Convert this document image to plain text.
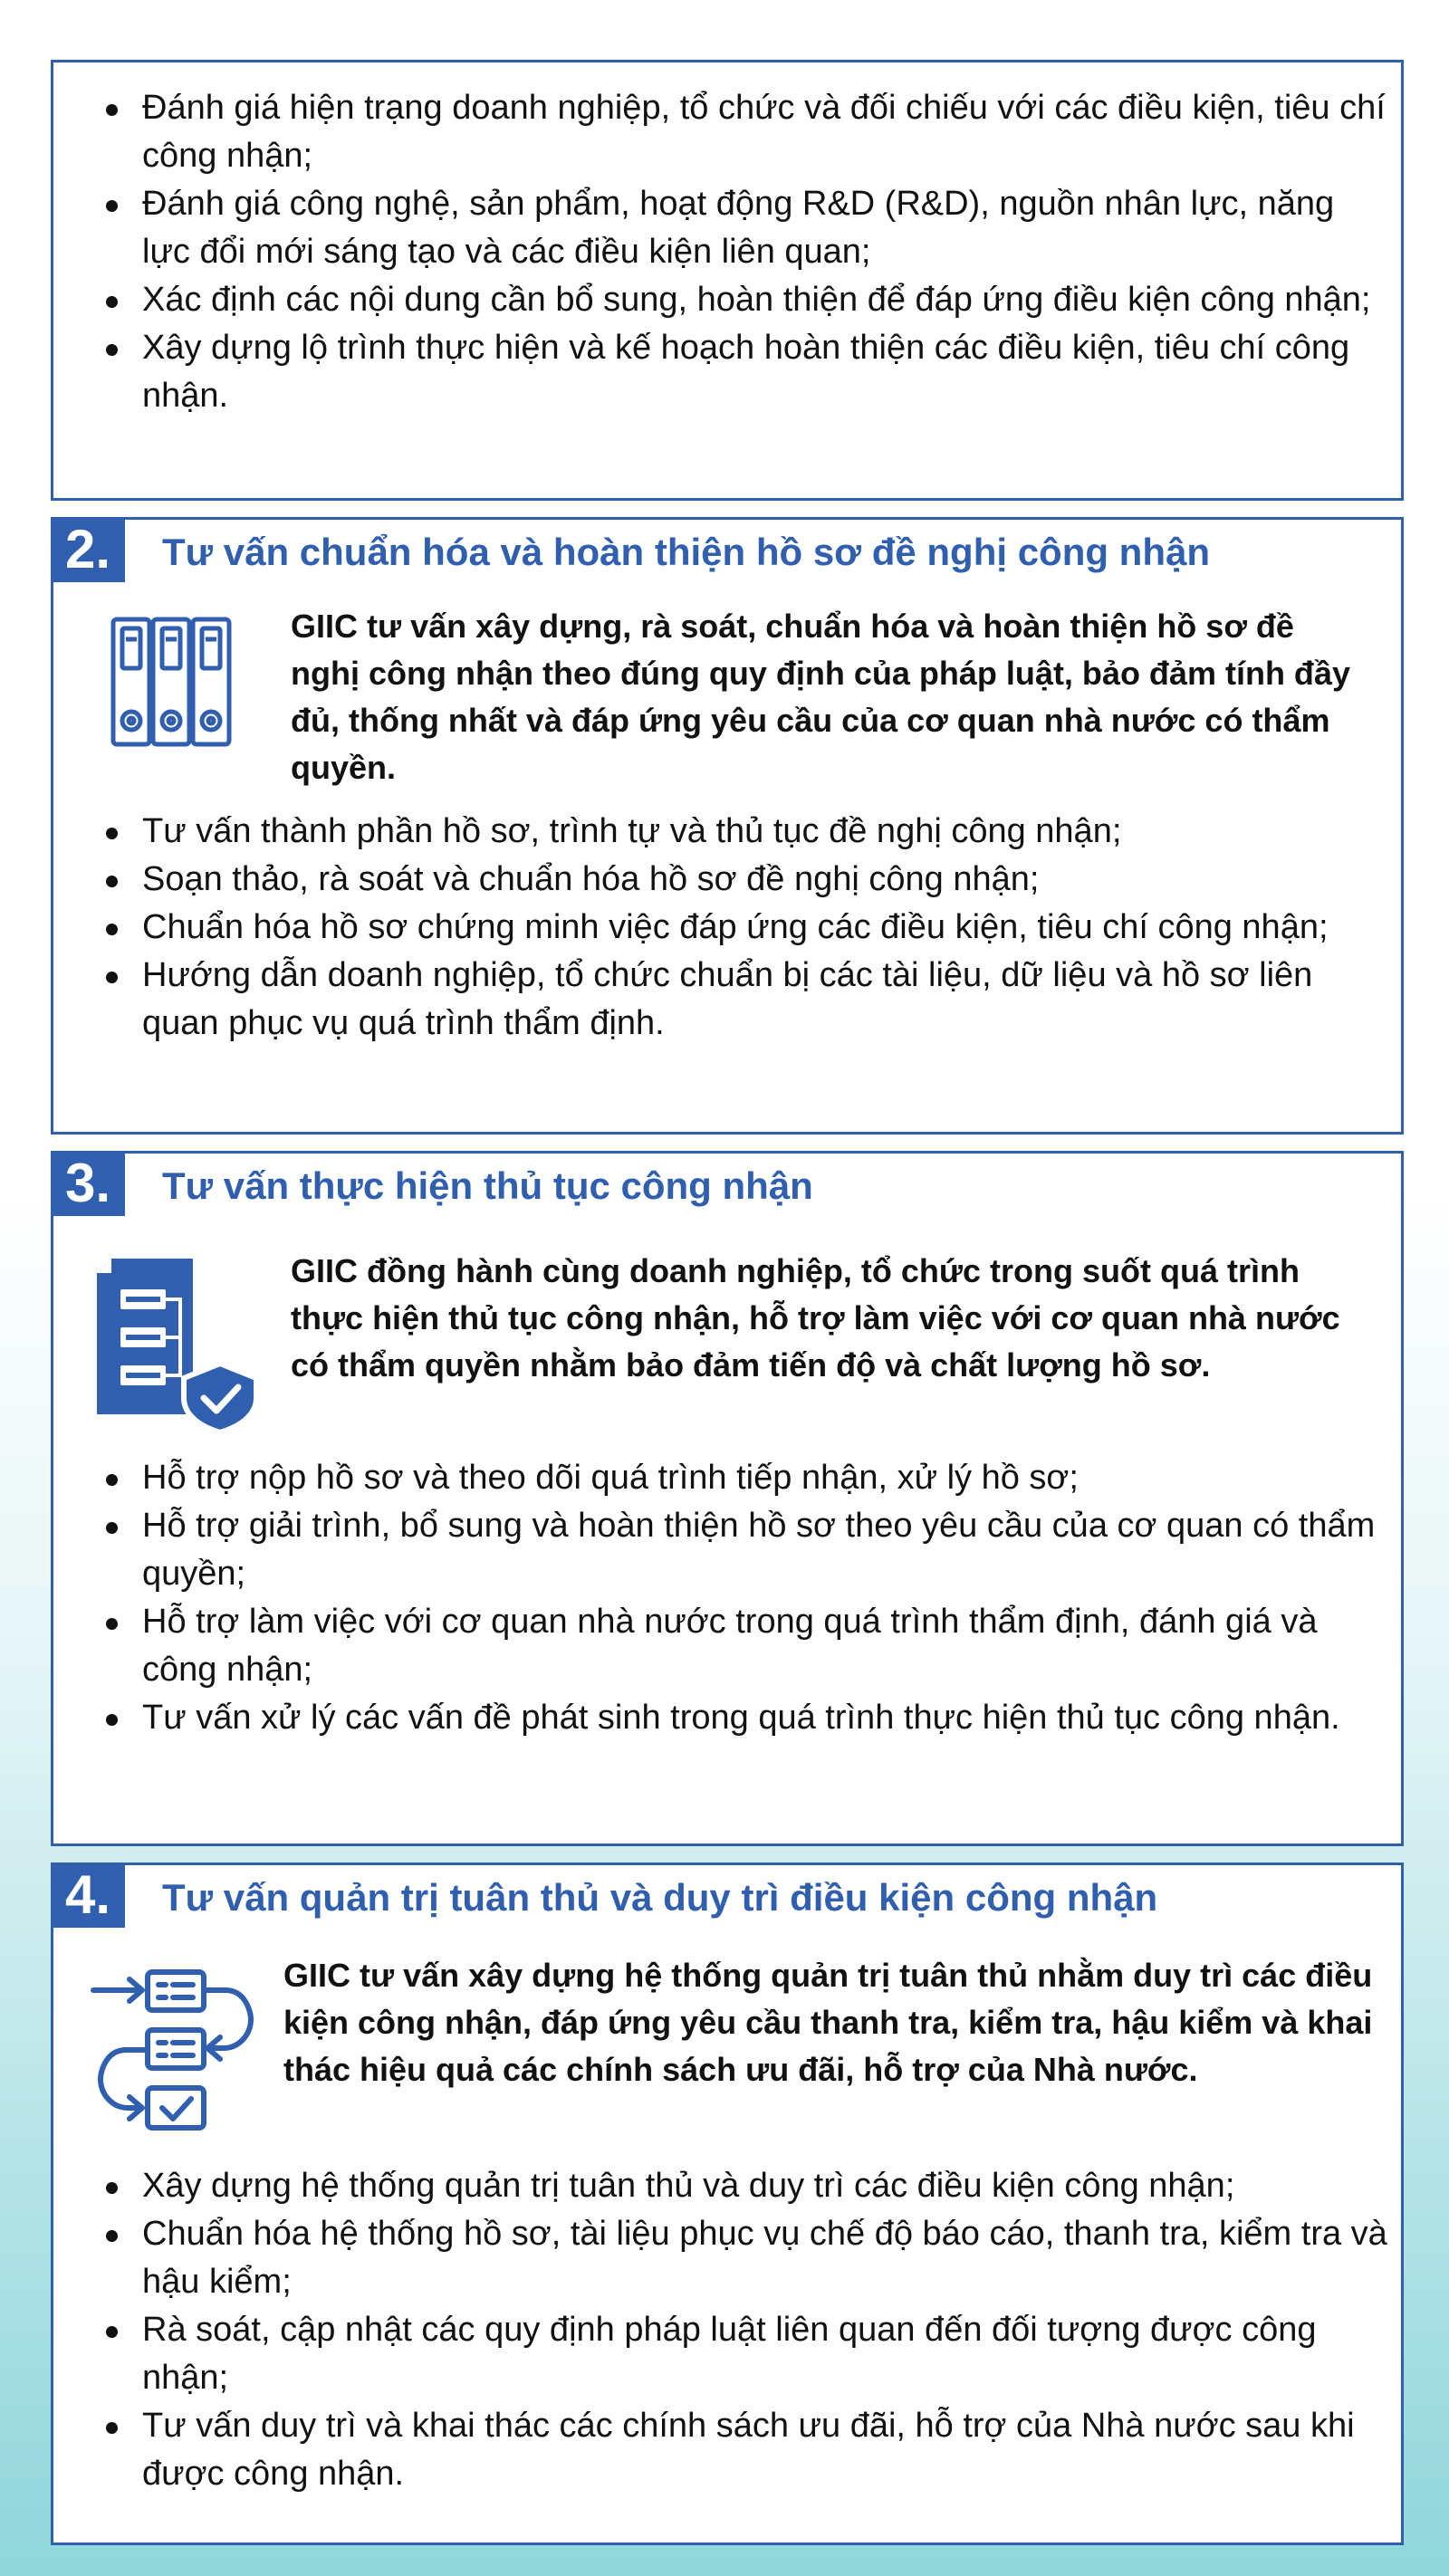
Đánh giá hiện trạng doanh nghiệp, tổ chức và đối chiếu với các điều kiện, tiêu chí công nhận;
Đánh giá công nghệ, sản phẩm, hoạt động R&D (R&D), nguồn nhân lực, năng lực đổi mới sáng tạo và các điều kiện liên quan;
Xác định các nội dung cần bổ sung, hoàn thiện để đáp ứng điều kiện công nhận;
Xây dựng lộ trình thực hiện và kế hoạch hoàn thiện các điều kiện, tiêu chí công nhận.
2.	Tư vấn chuẩn hóa và hoàn thiện hồ sơ đề nghị công nhận
GIIC tư vấn xây dựng, rà soát, chuẩn hóa và hoàn thiện hồ sơ đề nghị công nhận theo đúng quy định của pháp luật, bảo đảm tính đầy đủ, thống nhất và đáp ứng yêu cầu của cơ quan nhà nước có thẩm quyền.
Tư vấn thành phần hồ sơ, trình tự và thủ tục đề nghị công nhận;
Soạn thảo, rà soát và chuẩn hóa hồ sơ đề nghị công nhận;
Chuẩn hóa hồ sơ chứng minh việc đáp ứng các điều kiện, tiêu chí công nhận;
Hướng dẫn doanh nghiệp, tổ chức chuẩn bị các tài liệu, dữ liệu và hồ sơ liên quan phục vụ quá trình thẩm định.
3.	Tư vấn thực hiện thủ tục công nhận
GIIC đồng hành cùng doanh nghiệp, tổ chức trong suốt quá trình thực hiện thủ tục công nhận, hỗ trợ làm việc với cơ quan nhà nước có thẩm quyền nhằm bảo đảm tiến độ và chất lượng hồ sơ.
Hỗ trợ nộp hồ sơ và theo dõi quá trình tiếp nhận, xử lý hồ sơ;
Hỗ trợ giải trình, bổ sung và hoàn thiện hồ sơ theo yêu cầu của cơ quan có thẩm quyền;
Hỗ trợ làm việc với cơ quan nhà nước trong quá trình thẩm định, đánh giá và công nhận;
Tư vấn xử lý các vấn đề phát sinh trong quá trình thực hiện thủ tục công nhận.
4.	Tư vấn quản trị tuân thủ và duy trì điều kiện công nhận
GIIC tư vấn xây dựng hệ thống quản trị tuân thủ nhằm duy trì các điều kiện công nhận, đáp ứng yêu cầu thanh tra, kiểm tra, hậu kiểm và khai thác hiệu quả các chính sách ưu đãi, hỗ trợ của Nhà nước.
Xây dựng hệ thống quản trị tuân thủ và duy trì các điều kiện công nhận;
Chuẩn hóa hệ thống hồ sơ, tài liệu phục vụ chế độ báo cáo, thanh tra, kiểm tra và hậu kiểm;
Rà soát, cập nhật các quy định pháp luật liên quan đến đối tượng được công nhận;
Tư vấn duy trì và khai thác các chính sách ưu đãi, hỗ trợ của Nhà nước sau khi được công nhận.
